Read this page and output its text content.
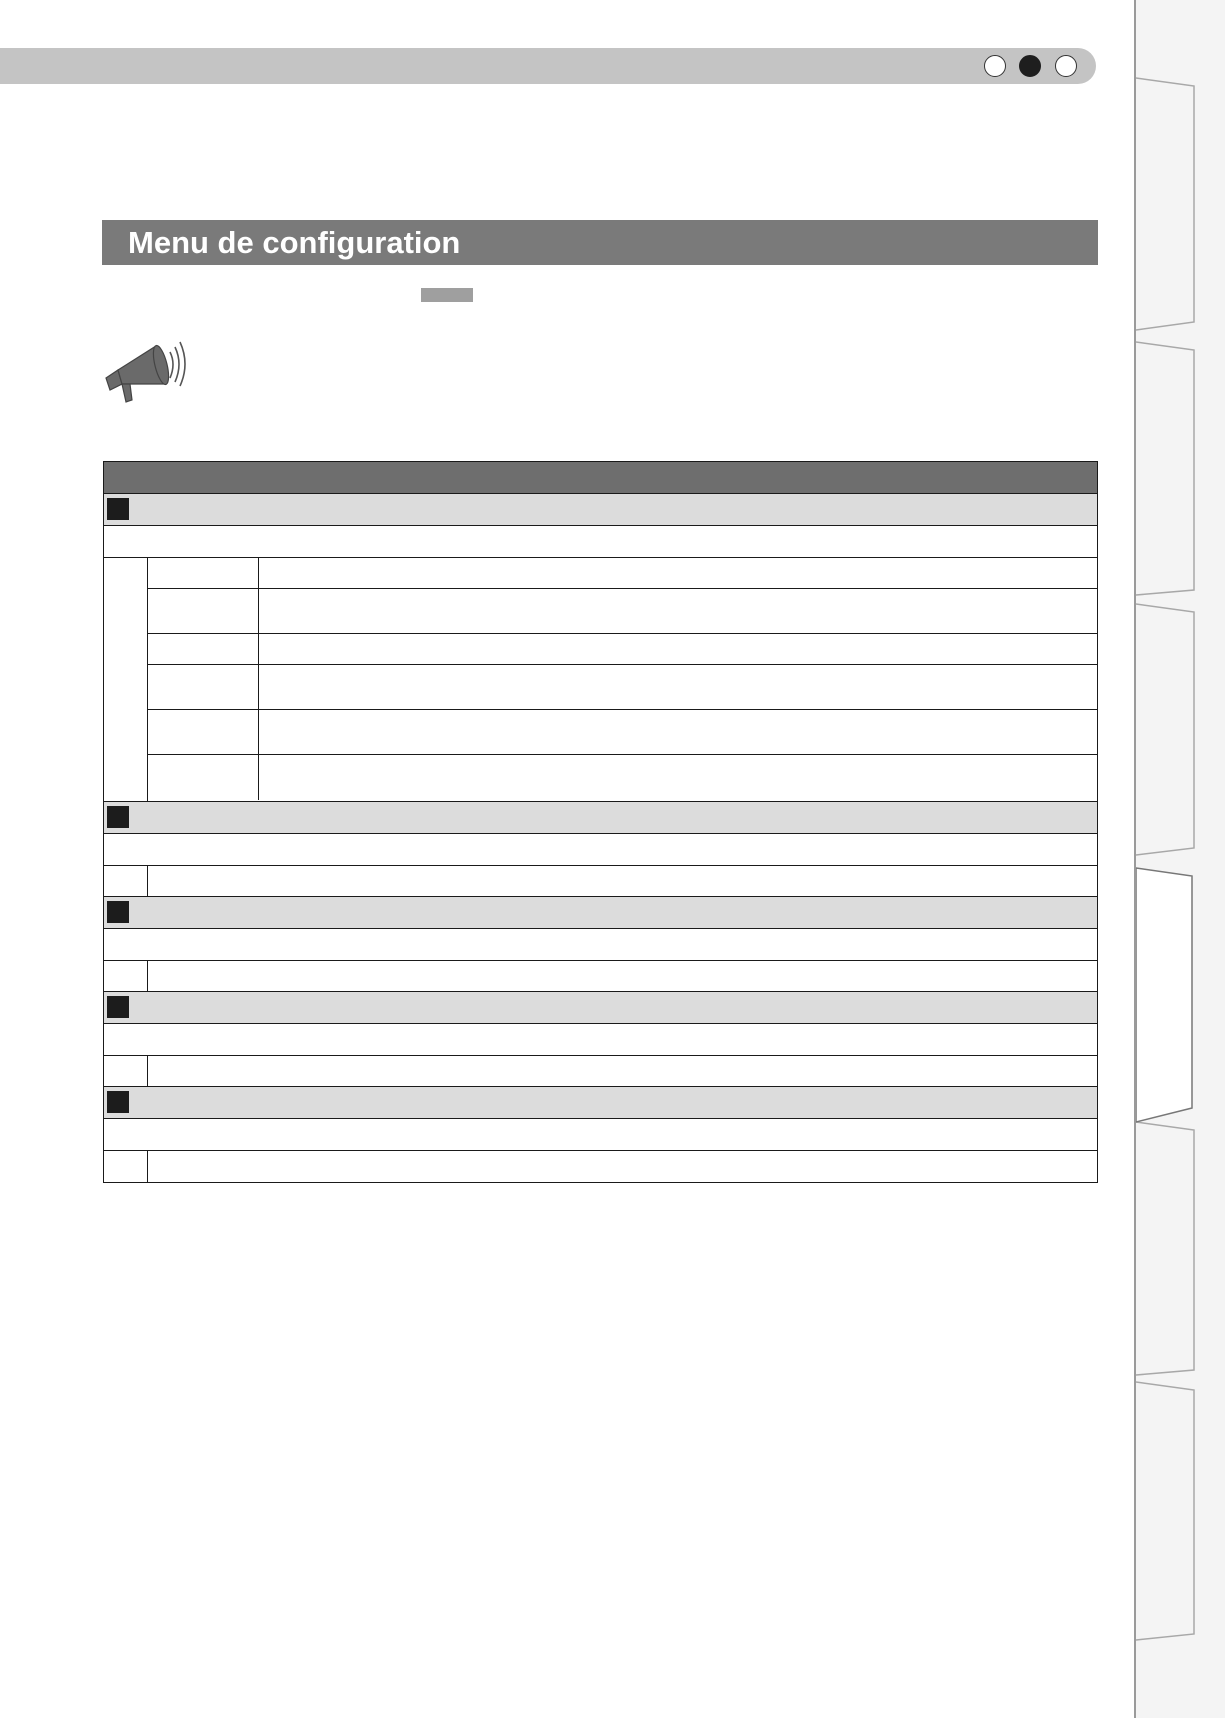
Menu de configuration
